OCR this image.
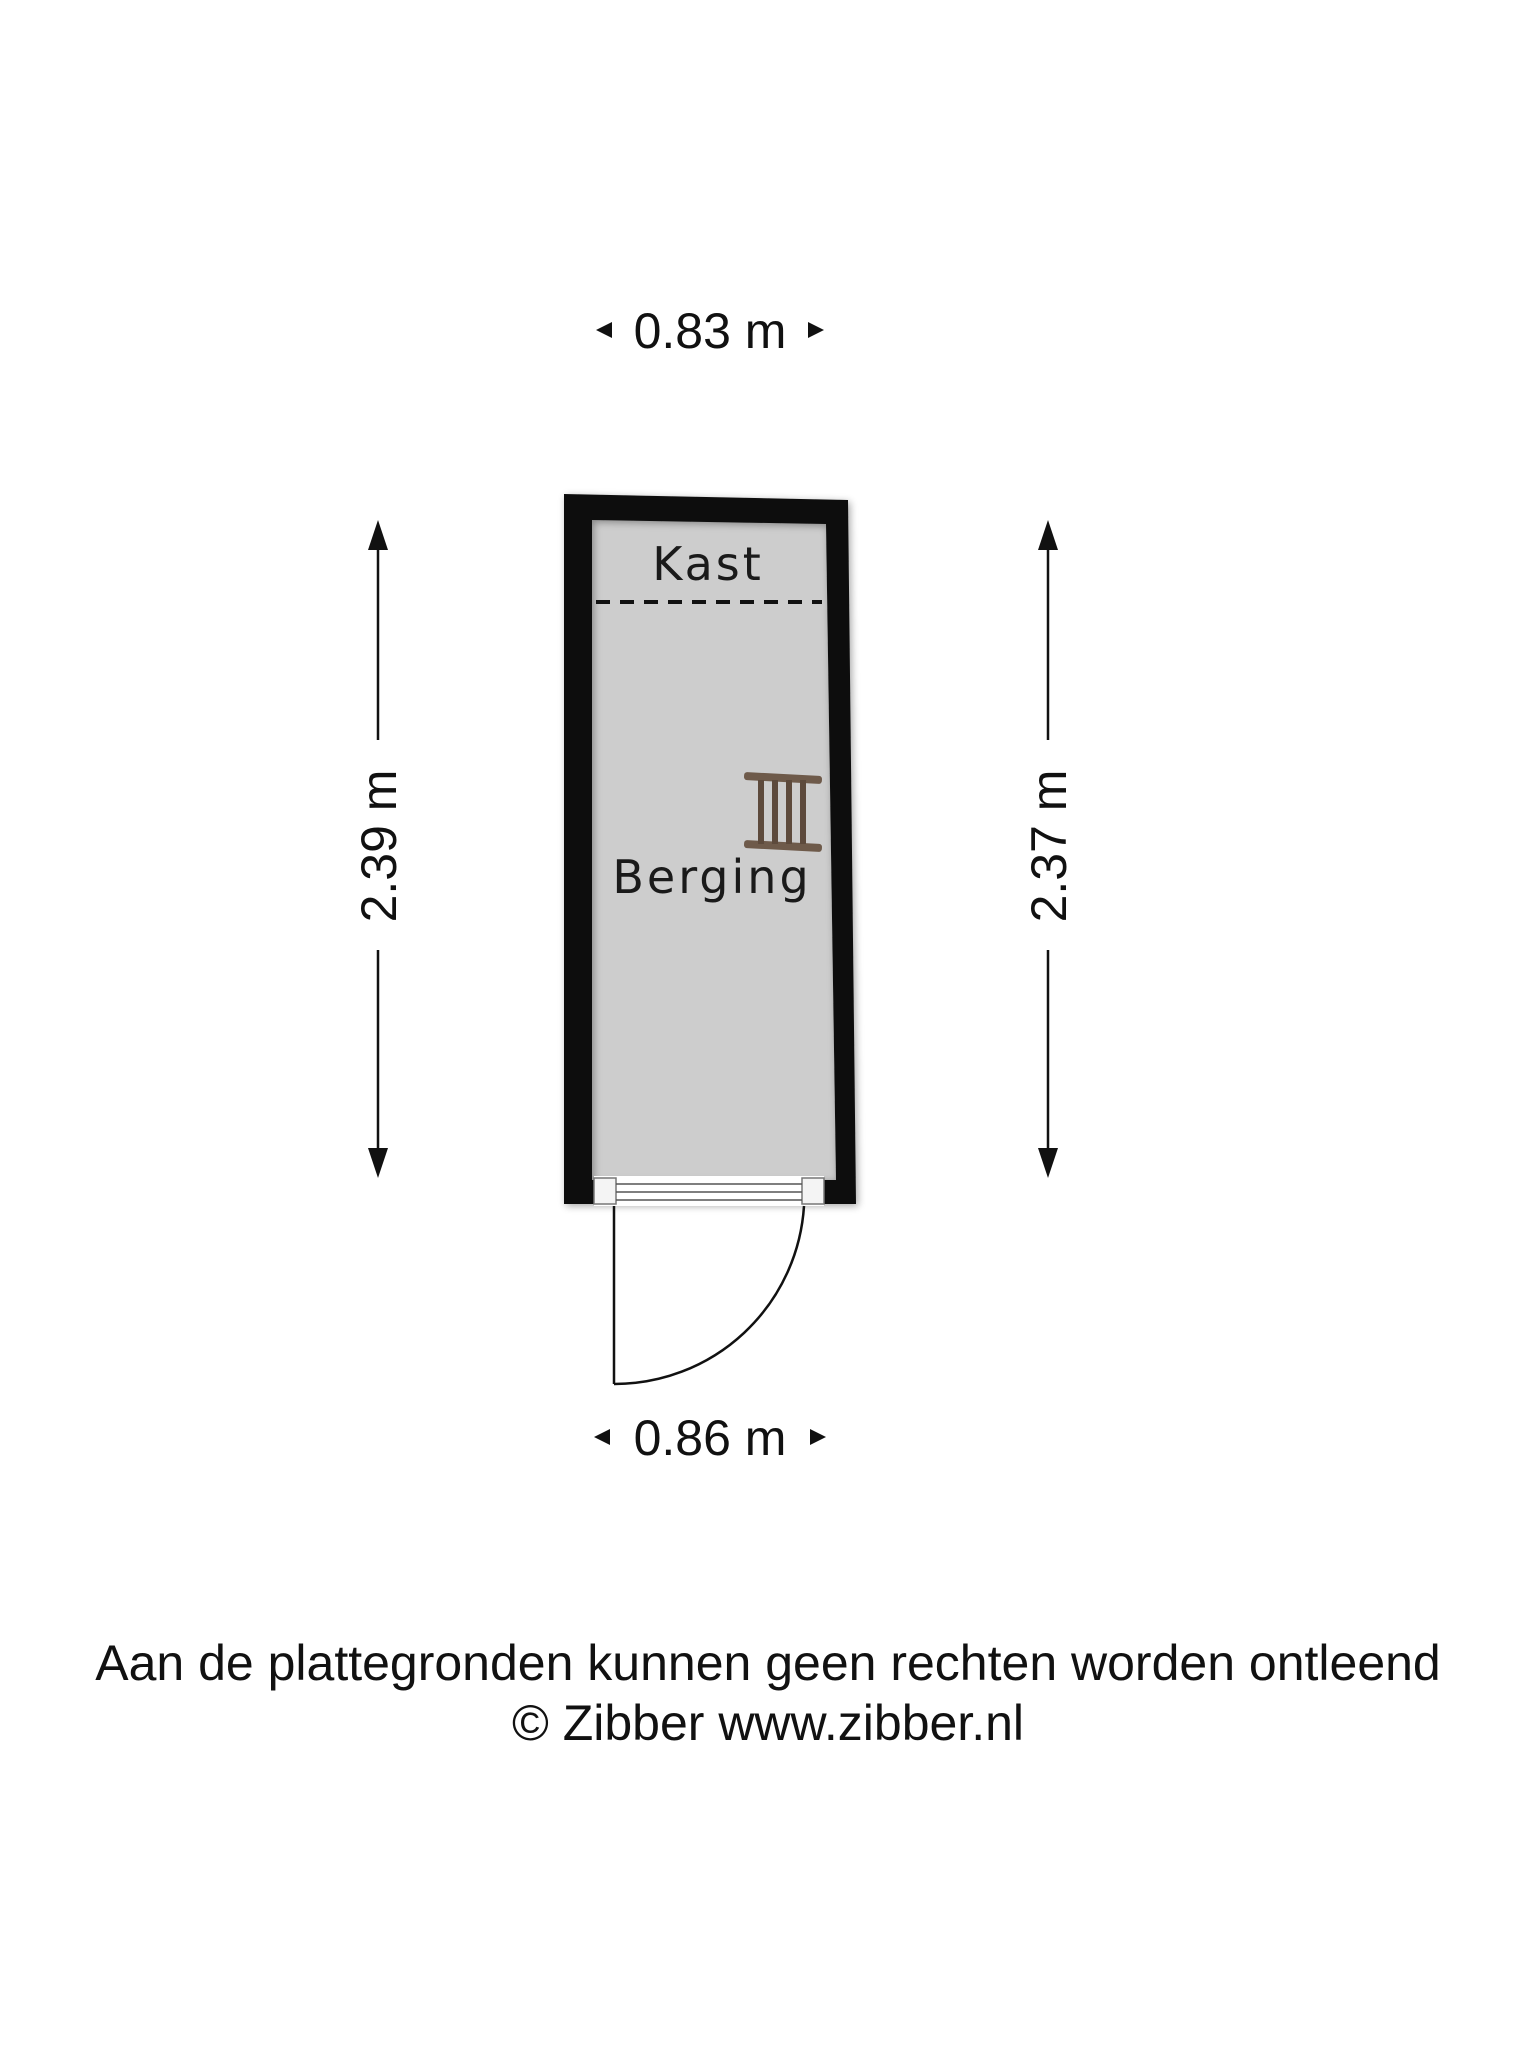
0.83 m
0.86 m
2.39 m	2.37 m
Kast
Berging
Aan de plattegronden kunnen geen rechten worden ontleend
© Zibber www.zibber.nl
